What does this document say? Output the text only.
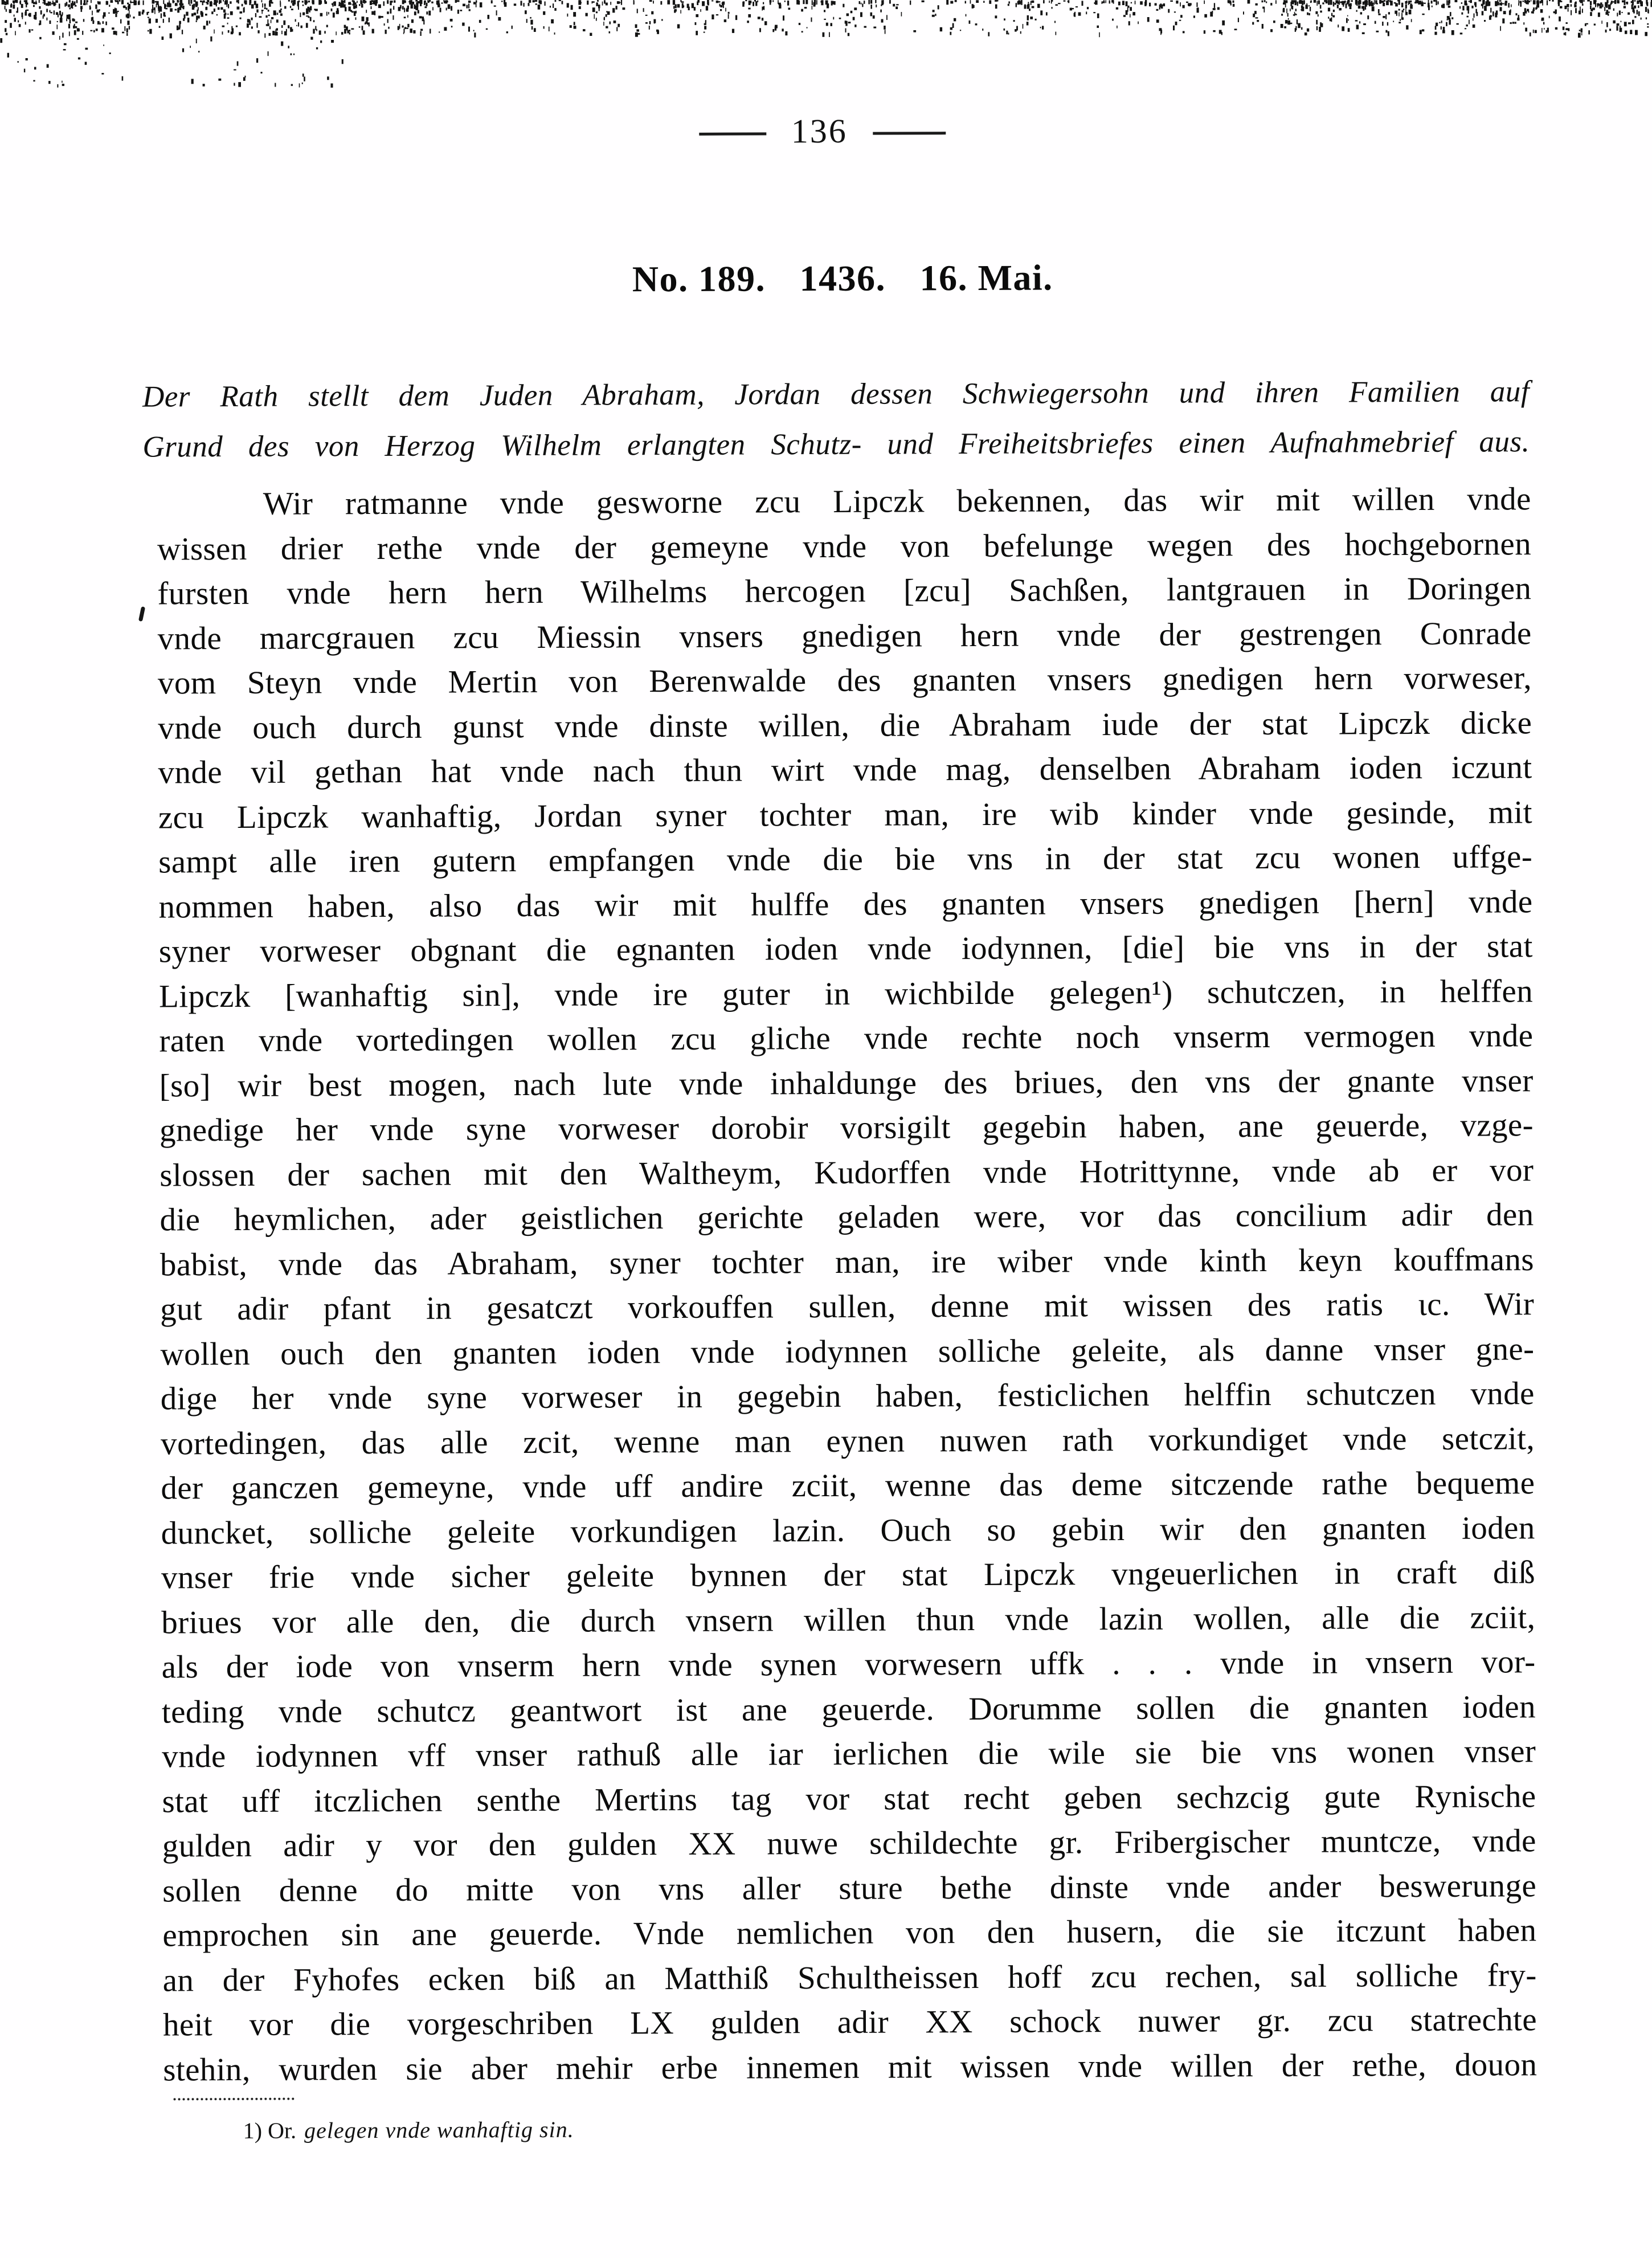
136
No. 189. 1436. 16. Mai.
Der Rath stellt dem Juden Abraham, Jordan dessen Schwiegersohn und ihren Familien auf
Grund des von Herzog Wilhelm erlangten Schutz- und Freiheitsbriefes einen Aufnahmebrief aus.
Wir ratmanne vnde gesworne zcu Lipczk bekennen, das wir mit willen vnde
wissen drier rethe vnde der gemeyne vnde von befelunge wegen des hochgebornen
fursten vnde hern hern Wilhelms hercogen [zcu] Sachßen, lantgrauen in Doringen
vnde marcgrauen zcu Miessin vnsers gnedigen hern vnde der gestrengen Conrade
vom Steyn vnde Mertin von Berenwalde des gnanten vnsers gnedigen hern vorweser,
vnde ouch durch gunst vnde dinste willen, die Abraham iude der stat Lipczk dicke
vnde vil gethan hat vnde nach thun wirt vnde mag, denselben Abraham ioden iczunt
zcu Lipczk wanhaftig, Jordan syner tochter man, ire wib kinder vnde gesinde, mit
sampt alle iren gutern empfangen vnde die bie vns in der stat zcu wonen uffge-
nommen haben, also das wir mit hulffe des gnanten vnsers gnedigen [hern] vnde
syner vorweser obgnant die egnanten ioden vnde iodynnen, [die] bie vns in der stat
Lipczk [wanhaftig sin], vnde ire guter in wichbilde gelegen¹) schutczen, in helffen
raten vnde vortedingen wollen zcu gliche vnde rechte noch vnserm vermogen vnde
[so] wir best mogen, nach lute vnde inhaldunge des briues, den vns der gnante vnser
gnedige her vnde syne vorweser dorobir vorsigilt gegebin haben, ane geuerde, vzge-
slossen der sachen mit den Waltheym, Kudorffen vnde Hotrittynne, vnde ab er vor
die heymlichen, ader geistlichen gerichte geladen were, vor das concilium adir den
babist, vnde das Abraham, syner tochter man, ire wiber vnde kinth keyn kouffmans
gut adir pfant in gesatczt vorkouffen sullen, denne mit wissen des ratis ɩc. Wir
wollen ouch den gnanten ioden vnde iodynnen solliche geleite, als danne vnser gne-
dige her vnde syne vorweser in gegebin haben, festiclichen helffin schutczen vnde
vortedingen, das alle zcit, wenne man eynen nuwen rath vorkundiget vnde setczit,
der ganczen gemeyne, vnde uff andire zciit, wenne das deme sitczende rathe bequeme
duncket, solliche geleite vorkundigen lazin. Ouch so gebin wir den gnanten ioden
vnser frie vnde sicher geleite bynnen der stat Lipczk vngeuerlichen in craft diß
briues vor alle den, die durch vnsern willen thun vnde lazin wollen, alle die zciit,
als der iode von vnserm hern vnde synen vorwesern uffk . . . vnde in vnsern vor-
teding vnde schutcz geantwort ist ane geuerde. Dorumme sollen die gnanten ioden
vnde iodynnen vff vnser rathuß alle iar ierlichen die wile sie bie vns wonen vnser
stat uff itczlichen senthe Mertins tag vor stat recht geben sechzcig gute Rynische
gulden adir y vor den gulden XX nuwe schildechte gr. Fribergischer muntcze, vnde
sollen denne do mitte von vns aller sture bethe dinste vnde ander beswerunge
emprochen sin ane geuerde. Vnde nemlichen von den husern, die sie itczunt haben
an der Fyhofes ecken biß an Matthiß Schultheissen hoff zcu rechen, sal solliche fry-
heit vor die vorgeschriben LX gulden adir XX schock nuwer gr. zcu statrechte
stehin, wurden sie aber mehir erbe innemen mit wissen vnde willen der rethe, douon
1) Or. gelegen vnde wanhaftig sin.
